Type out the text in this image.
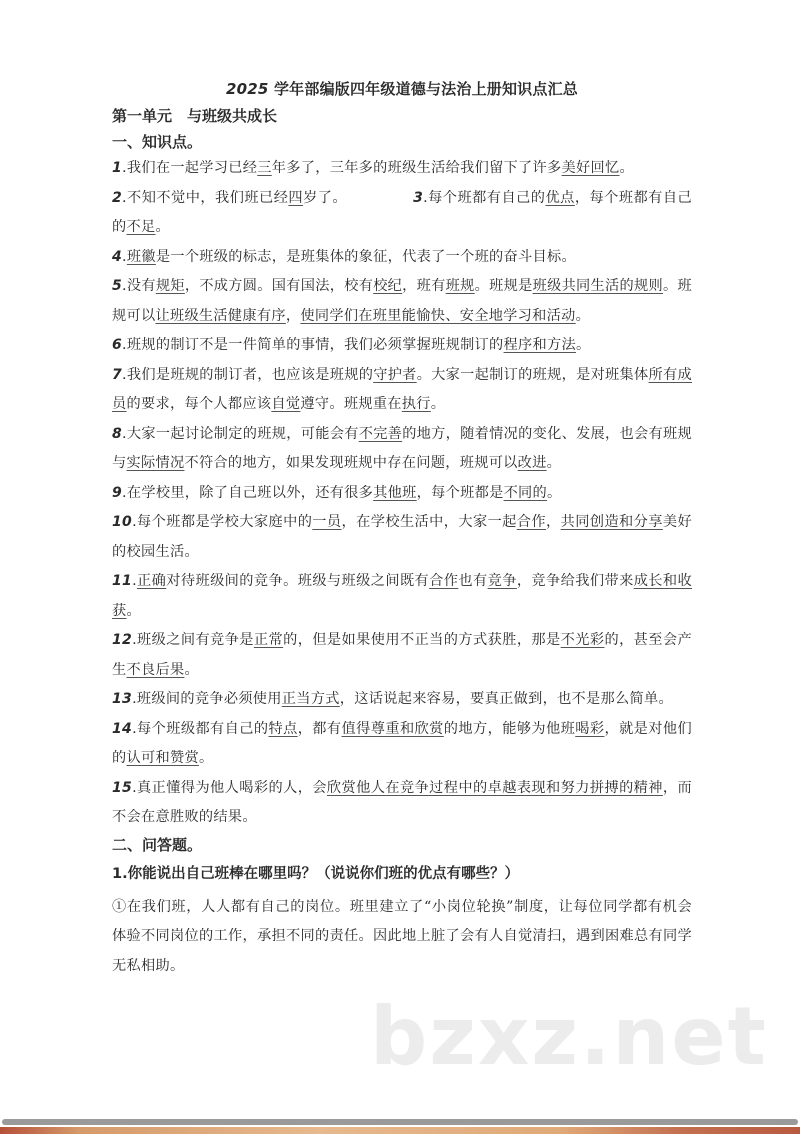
2025 学年部编版四年级道德与法治上册知识点汇总
第一单元　与班级共成长
一、知识点。

1.我们在一起学习已经三年多了，三年多的班级生活给我们留下了许多美好回忆。

2.不知不觉中，我们班已经四岁了。	3.每个班都有自己的优点，每个班都有自己的不足。

4.班徽是一个班级的标志，是班集体的象征，代表了一个班的奋斗目标。

5.没有规矩，不成方圆。国有国法，校有校纪，班有班规。班规是班级共同生活的规则。班规可以让班级生活健康有序，使同学们在班里能愉快、安全地学习和活动。

6.班规的制订不是一件简单的事情，我们必须掌握班规制订的程序和方法。

7.我们是班规的制订者，也应该是班规的守护者。大家一起制订的班规，是对班集体所有成员的要求，每个人都应该自觉遵守。班规重在执行。

8.大家一起讨论制定的班规，可能会有不完善的地方，随着情况的变化、发展，也会有班规与实际情况不符合的地方，如果发现班规中存在问题，班规可以改进。

9.在学校里，除了自己班以外，还有很多其他班，每个班都是不同的。

10.每个班都是学校大家庭中的一员，在学校生活中，大家一起合作，共同创造和分享美好的校园生活。

11.正确对待班级间的竞争。班级与班级之间既有合作也有竞争，竞争给我们带来成长和收获。

12.班级之间有竞争是正常的，但是如果使用不正当的方式获胜，那是不光彩的，甚至会产生不良后果。

13.班级间的竞争必须使用正当方式，这话说起来容易，要真正做到，也不是那么简单。

14.每个班级都有自己的特点，都有值得尊重和欣赏的地方，能够为他班喝彩，就是对他们的认可和赞赏。

15.真正懂得为他人喝彩的人，会欣赏他人在竞争过程中的卓越表现和努力拼搏的精神，而不会在意胜败的结果。

二、问答题。
1.你能说出自己班棒在哪里吗？（说说你们班的优点有哪些？）
①在我们班，人人都有自己的岗位。班里建立了“小岗位轮换”制度，让每位同学都有机会体验不同岗位的工作，承担不同的责任。因此地上脏了会有人自觉清扫，遇到困难总有同学无私相助。
bzxz.net
